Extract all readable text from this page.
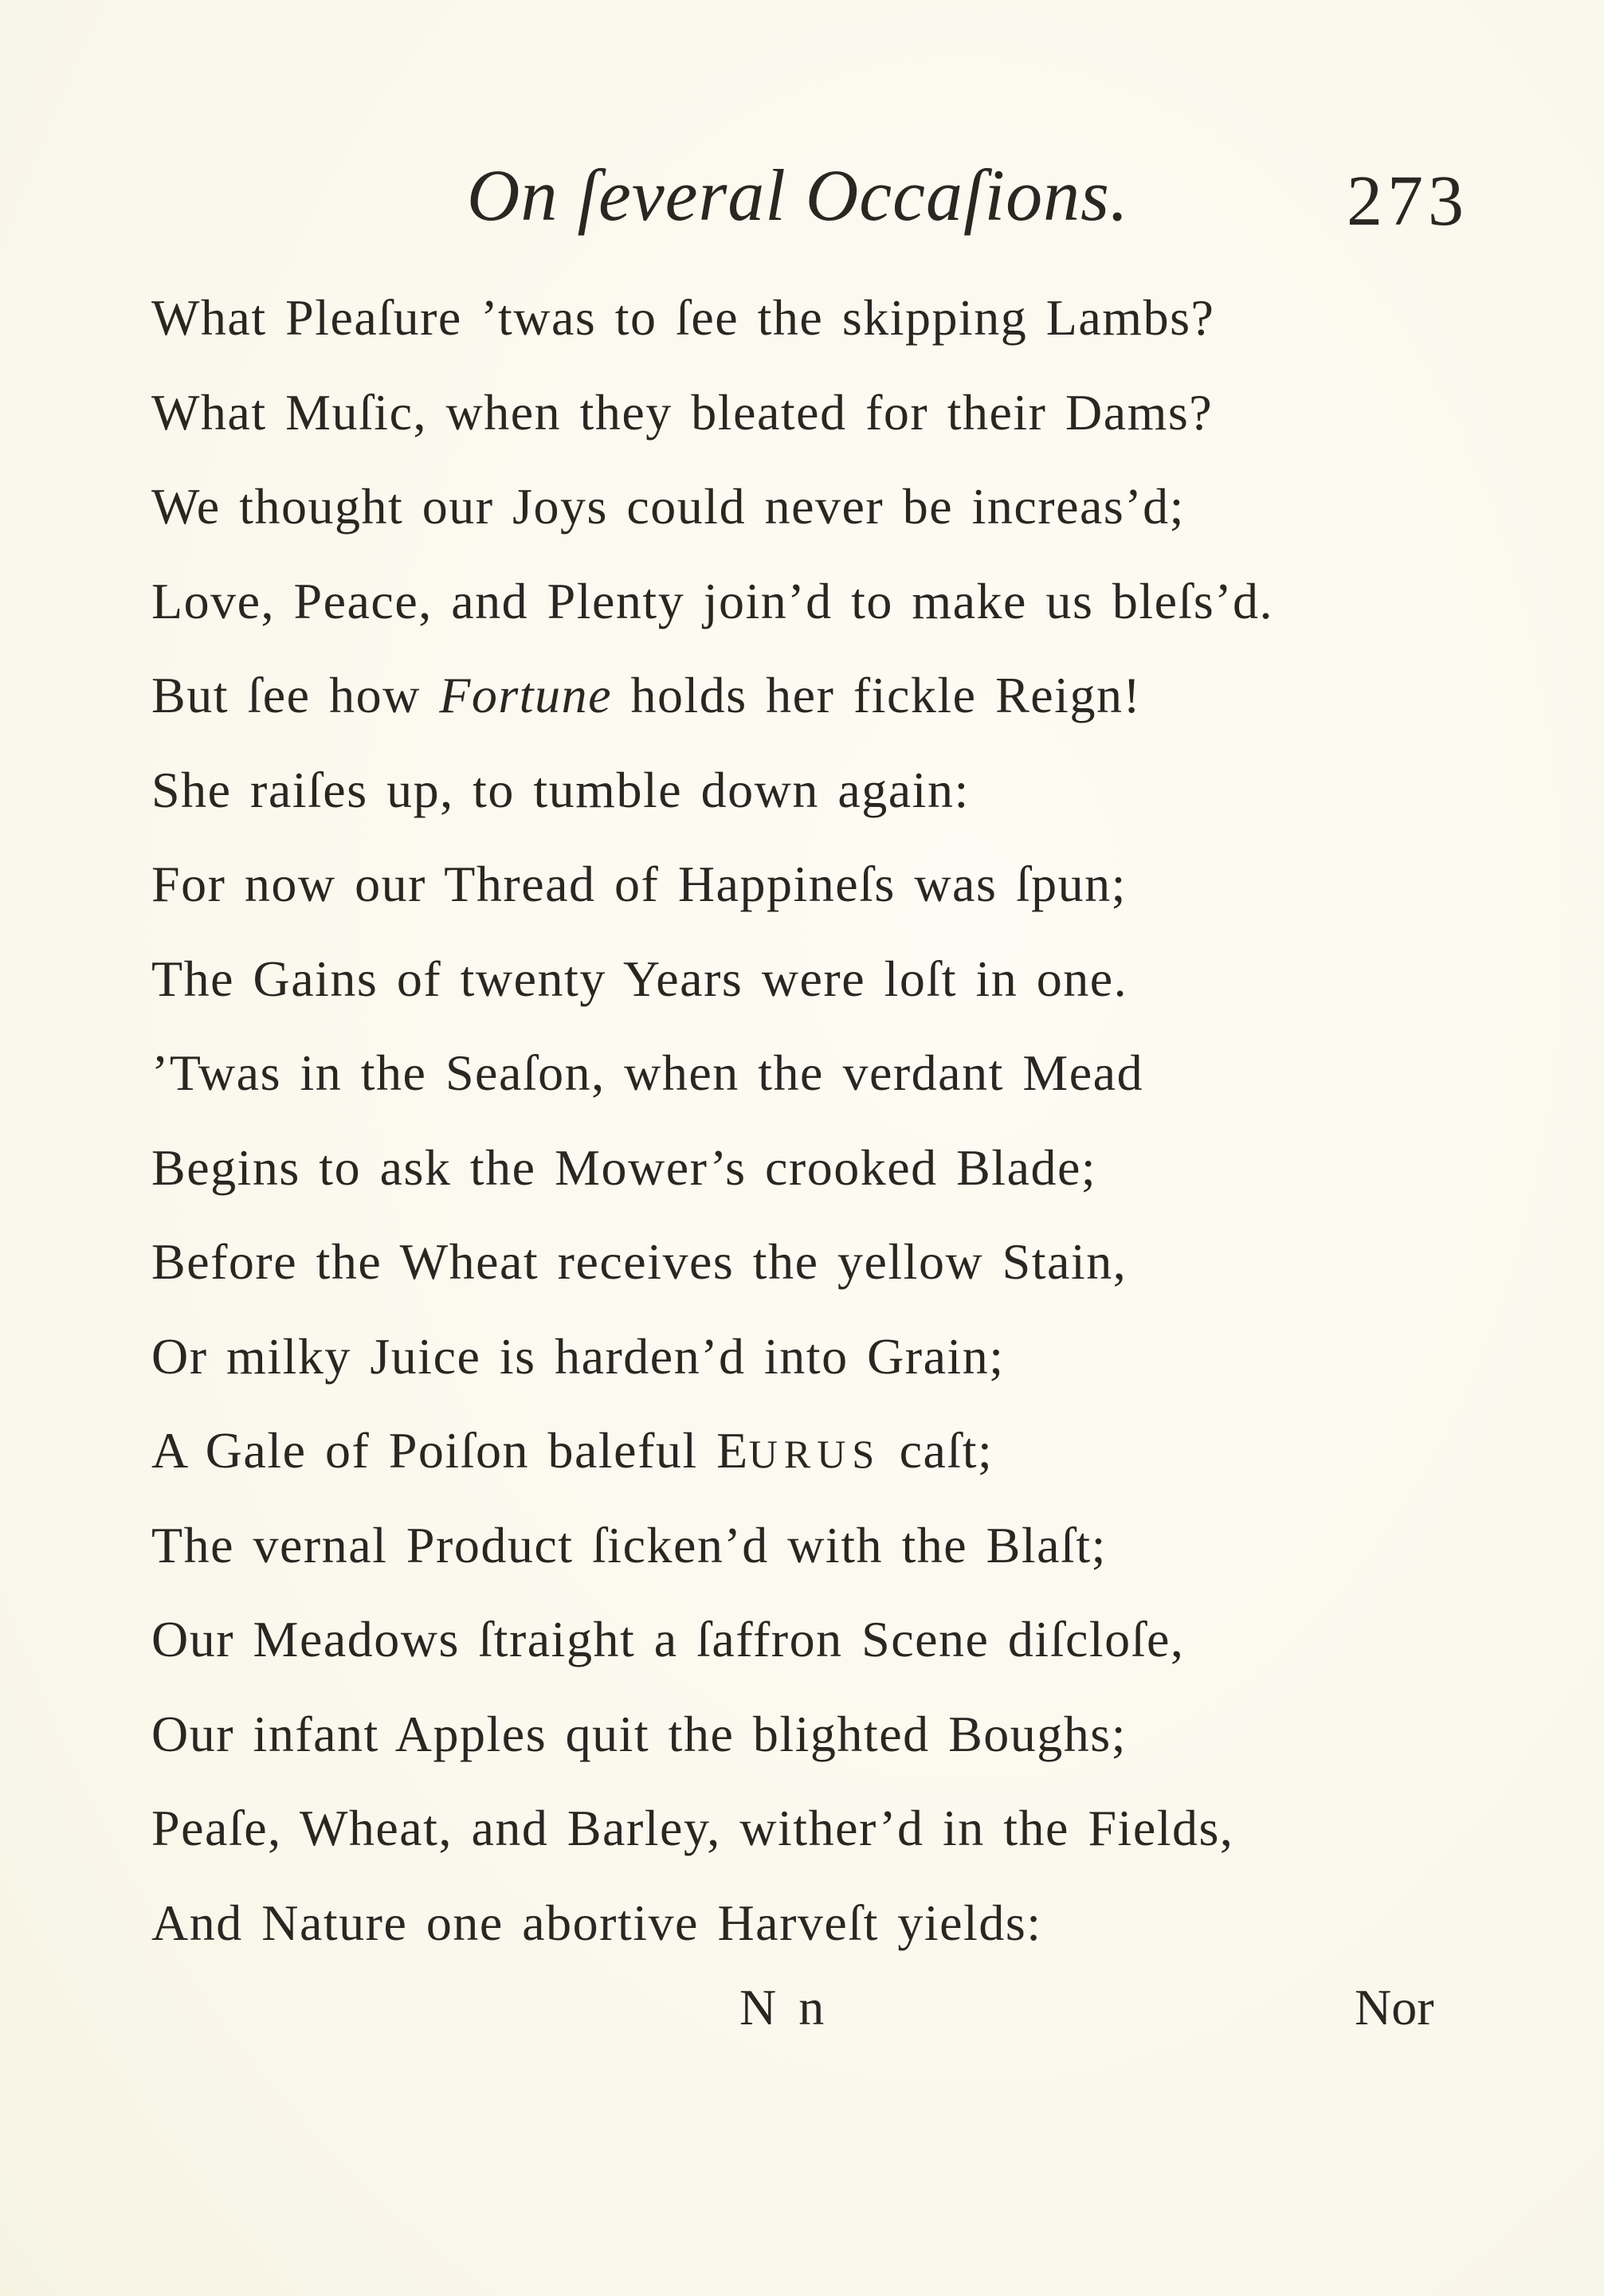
On ſeveral Occaſions.	273
What Pleaſure ’twas to ſee the skipping Lambs?
What Muſic, when they bleated for their Dams?
We thought our Joys could never be increas’d;
Love, Peace, and Plenty join’d to make us bleſs’d.
But ſee how Fortune holds her fickle Reign!
She raiſes up, to tumble down again:
For now our Thread of Happineſs was ſpun;
The Gains of twenty Years were loſt in one.
’Twas in the Seaſon, when the verdant Mead
Begins to ask the Mower’s crooked Blade;
Before the Wheat receives the yellow Stain,
Or milky Juice is harden’d into Grain;
A Gale of Poiſon baleful EURUS caſt;
The vernal Product ſicken’d with the Blaſt;
Our Meadows ſtraight a ſaffron Scene diſcloſe,
Our infant Apples quit the blighted Boughs;
Peaſe, Wheat, and Barley, wither’d in the Fields,
And Nature one abortive Harveſt yields:
N n	Nor
